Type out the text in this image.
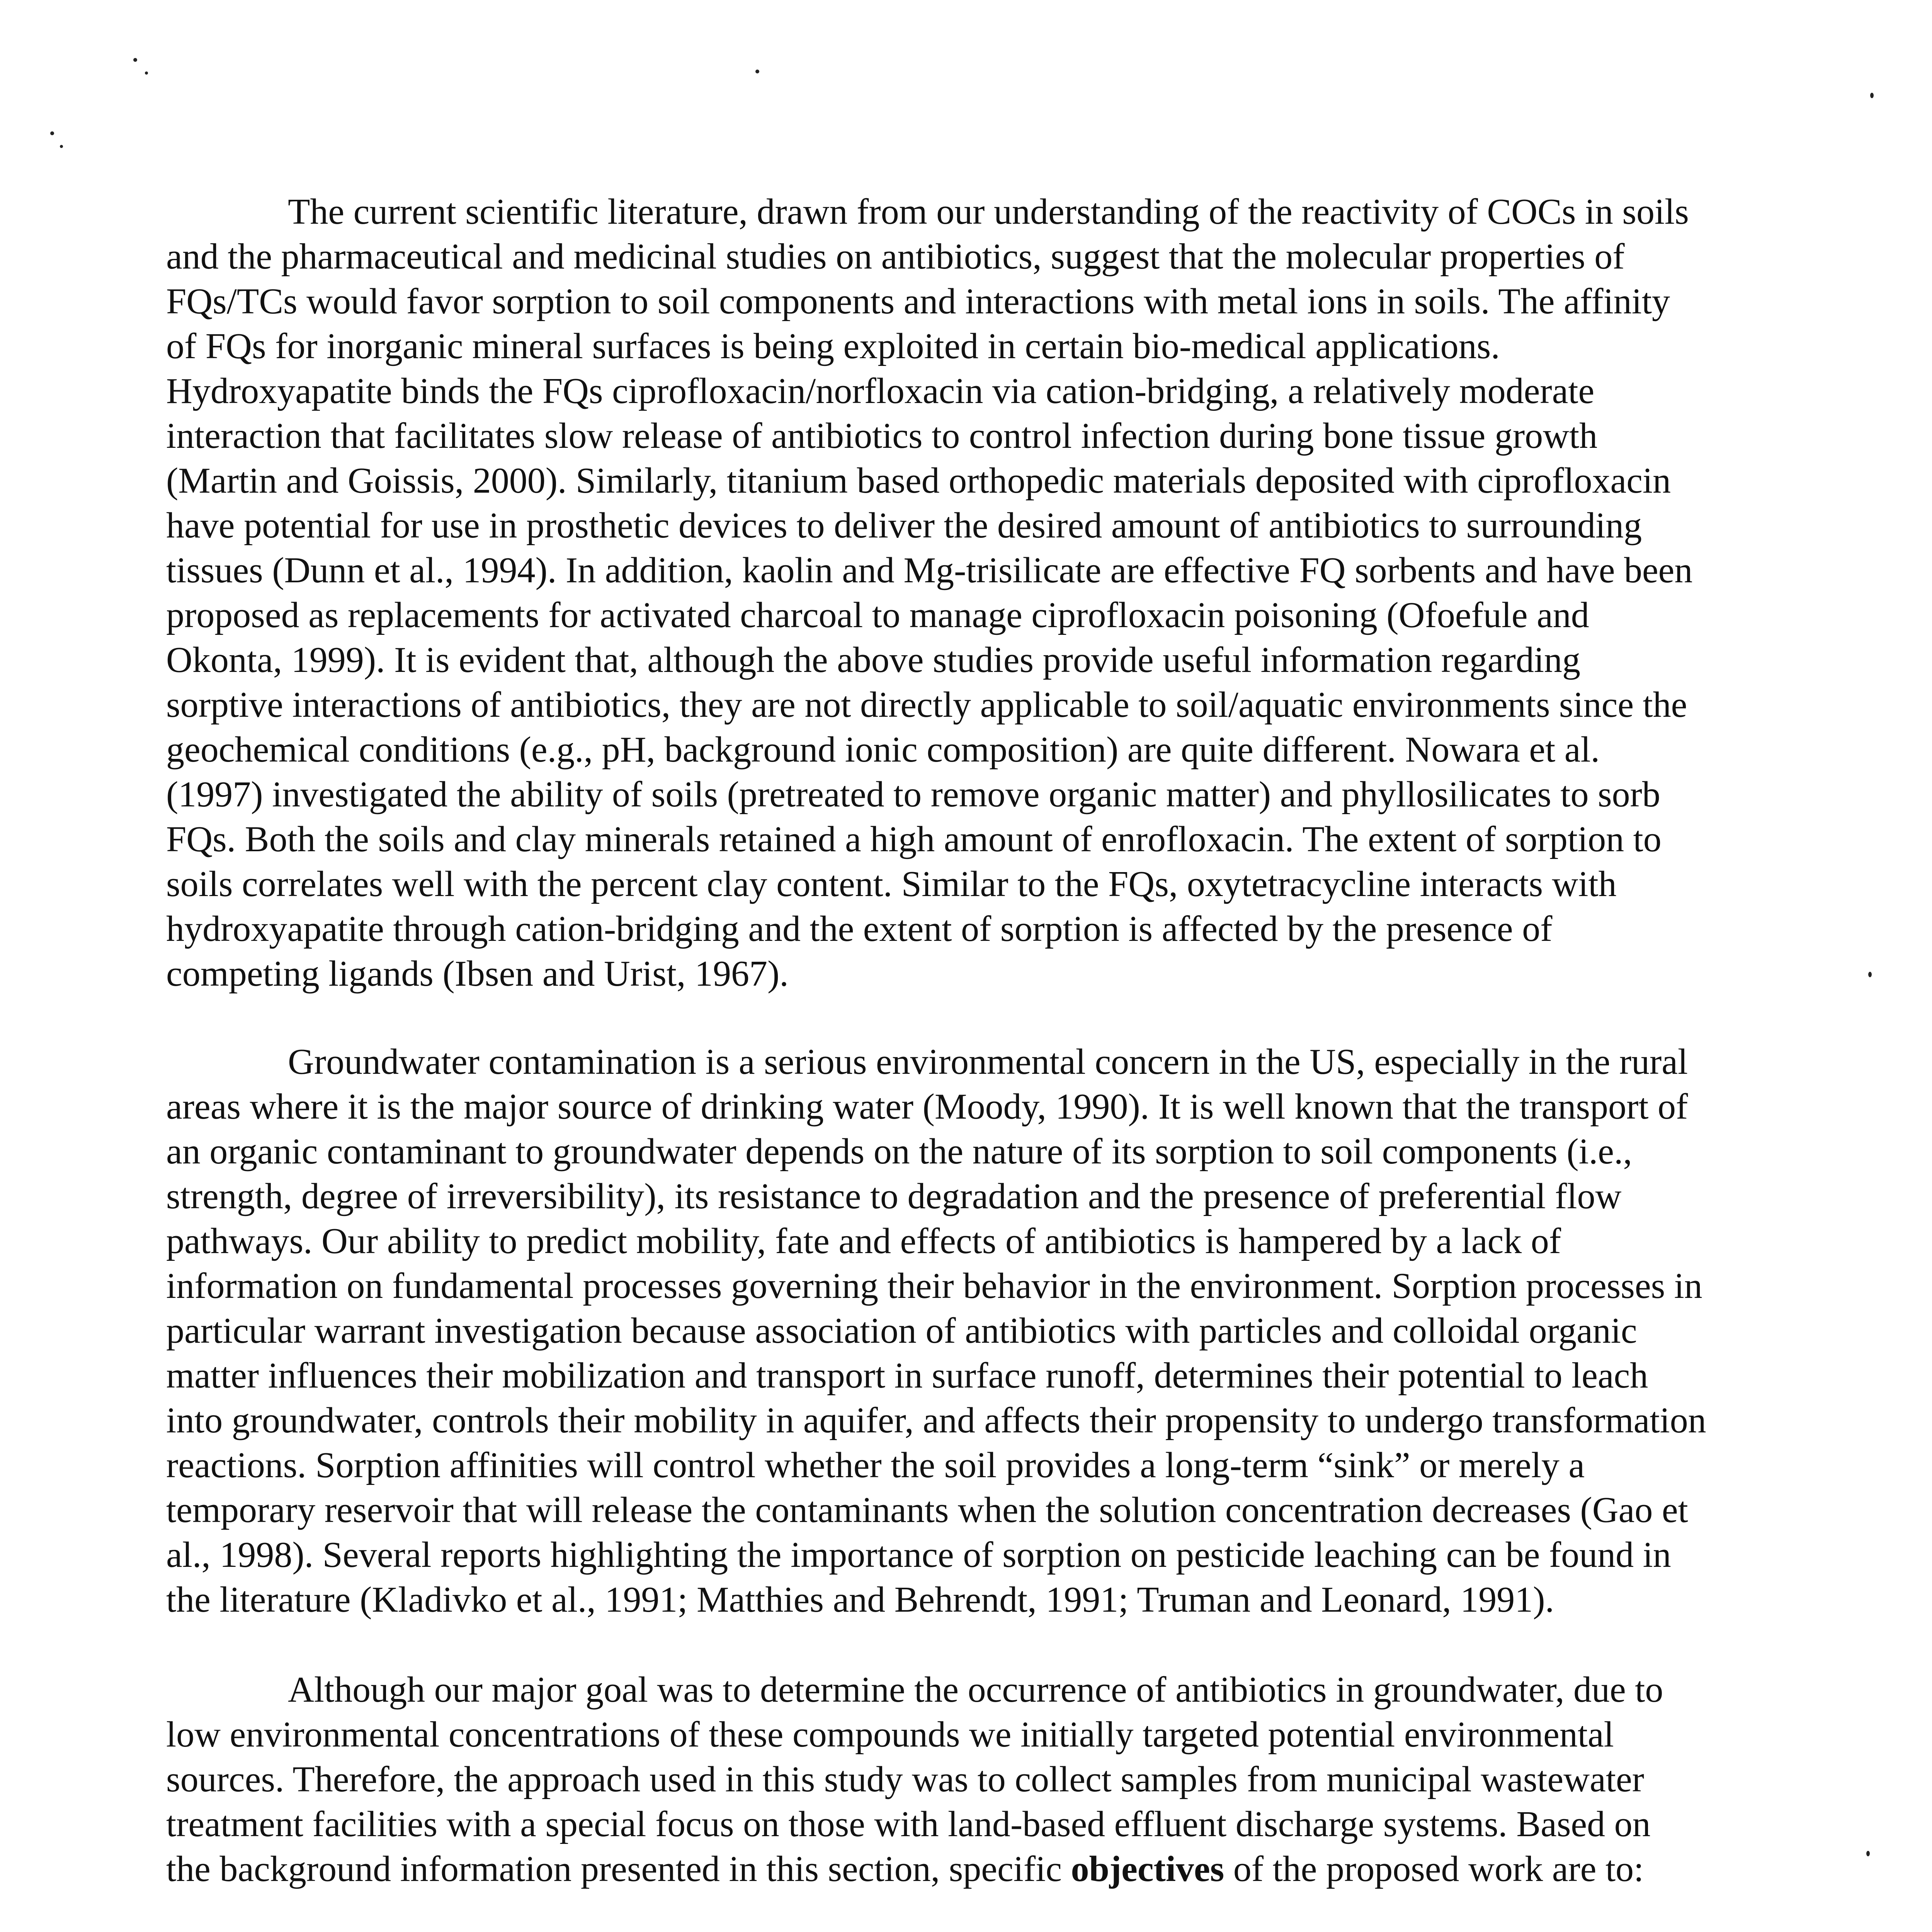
The current scientific literature, drawn from our understanding of the reactivity of COCs in soils
and the pharmaceutical and medicinal studies on antibiotics, suggest that the molecular properties of
FQs/TCs would favor sorption to soil components and interactions with metal ions in soils. The affinity
of FQs for inorganic mineral surfaces is being exploited in certain bio-medical applications.
Hydroxyapatite binds the FQs ciprofloxacin/norfloxacin via cation-bridging, a relatively moderate
interaction that facilitates slow release of antibiotics to control infection during bone tissue growth
(Martin and Goissis, 2000). Similarly, titanium based orthopedic materials deposited with ciprofloxacin
have potential for use in prosthetic devices to deliver the desired amount of antibiotics to surrounding
tissues (Dunn et al., 1994). In addition, kaolin and Mg-trisilicate are effective FQ sorbents and have been
proposed as replacements for activated charcoal to manage ciprofloxacin poisoning (Ofoefule and
Okonta, 1999). It is evident that, although the above studies provide useful information regarding
sorptive interactions of antibiotics, they are not directly applicable to soil/aquatic environments since the
geochemical conditions (e.g., pH, background ionic composition) are quite different. Nowara et al.
(1997) investigated the ability of soils (pretreated to remove organic matter) and phyllosilicates to sorb
FQs. Both the soils and clay minerals retained a high amount of enrofloxacin. The extent of sorption to
soils correlates well with the percent clay content. Similar to the FQs, oxytetracycline interacts with
hydroxyapatite through cation-bridging and the extent of sorption is affected by the presence of
competing ligands (Ibsen and Urist, 1967).
Groundwater contamination is a serious environmental concern in the US, especially in the rural
areas where it is the major source of drinking water (Moody, 1990). It is well known that the transport of
an organic contaminant to groundwater depends on the nature of its sorption to soil components (i.e.,
strength, degree of irreversibility), its resistance to degradation and the presence of preferential flow
pathways. Our ability to predict mobility, fate and effects of antibiotics is hampered by a lack of
information on fundamental processes governing their behavior in the environment. Sorption processes in
particular warrant investigation because association of antibiotics with particles and colloidal organic
matter influences their mobilization and transport in surface runoff, determines their potential to leach
into groundwater, controls their mobility in aquifer, and affects their propensity to undergo transformation
reactions. Sorption affinities will control whether the soil provides a long-term “sink” or merely a
temporary reservoir that will release the contaminants when the solution concentration decreases (Gao et
al., 1998). Several reports highlighting the importance of sorption on pesticide leaching can be found in
the literature (Kladivko et al., 1991; Matthies and Behrendt, 1991; Truman and Leonard, 1991).
Although our major goal was to determine the occurrence of antibiotics in groundwater, due to
low environmental concentrations of these compounds we initially targeted potential environmental
sources. Therefore, the approach used in this study was to collect samples from municipal wastewater
treatment facilities with a special focus on those with land-based effluent discharge systems. Based on
the background information presented in this section, specific objectives of the proposed work are to:
